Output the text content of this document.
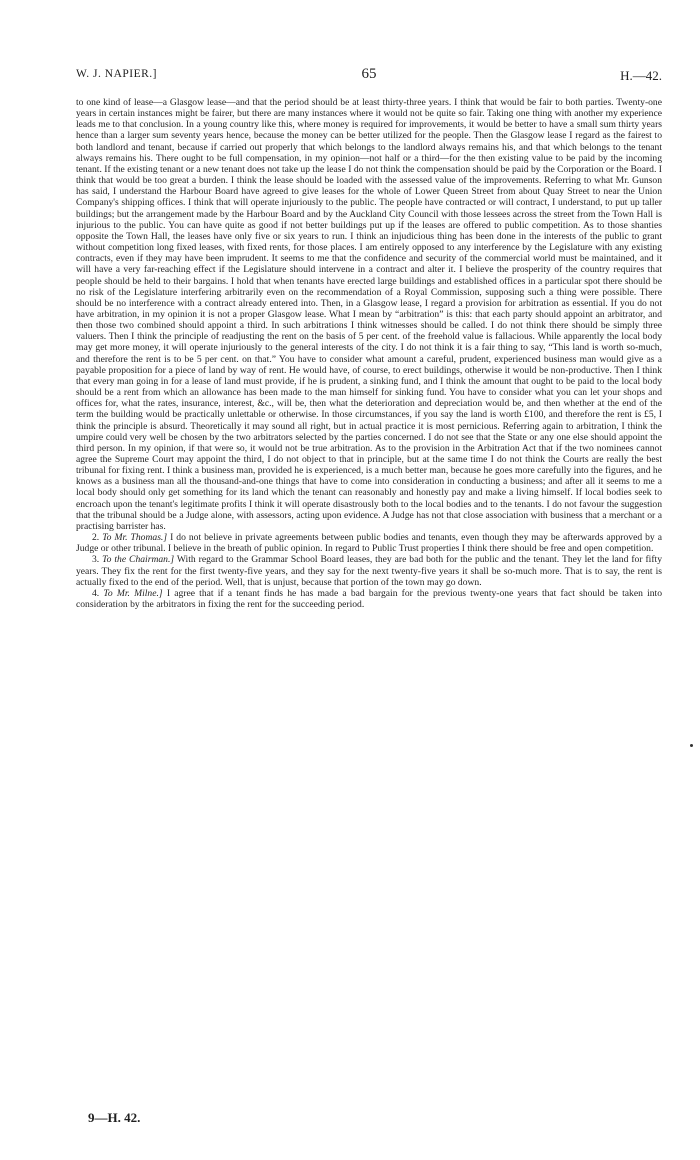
W. J. NAPIER.]	65	H.—42.

to one kind of lease—a Glasgow lease—and that the period should be at least thirty-three years. I think that would be fair to both parties. Twenty-one years in certain instances might be fairer, but there are many instances where it would not be quite so fair. Taking one thing with another my experience leads me to that conclusion. In a young country like this, where money is required for improvements, it would be better to have a small sum thirty years hence than a larger sum seventy years hence, because the money can be better utilized for the people. Then the Glasgow lease I regard as the fairest to both landlord and tenant, because if carried out properly that which belongs to the landlord always remains his, and that which belongs to the tenant always remains his. There ought to be full compensation, in my opinion—not half or a third—for the then existing value to be paid by the incoming tenant. If the existing tenant or a new tenant does not take up the lease I do not think the compensation should be paid by the Corporation or the Board. I think that would be too great a burden. I think the lease should be loaded with the assessed value of the improvements. Referring to what Mr. Gunson has said, I understand the Harbour Board have agreed to give leases for the whole of Lower Queen Street from about Quay Street to near the Union Company's shipping offices. I think that will operate injuriously to the public. The people have contracted or will contract, I understand, to put up taller buildings; but the arrangement made by the Harbour Board and by the Auckland City Council with those lessees across the street from the Town Hall is injurious to the public. You can have quite as good if not better buildings put up if the leases are offered to public competition. As to those shanties opposite the Town Hall, the leases have only five or six years to run. I think an injudicious thing has been done in the interests of the public to grant without competition long fixed leases, with fixed rents, for those places. I am entirely opposed to any interference by the Legislature with any existing contracts, even if they may have been imprudent. It seems to me that the confidence and security of the commercial world must be maintained, and it will have a very far-reaching effect if the Legislature should intervene in a contract and alter it. I believe the prosperity of the country requires that people should be held to their bargains. I hold that when tenants have erected large buildings and established offices in a particular spot there should be no risk of the Legislature interfering arbitrarily even on the recommendation of a Royal Commission, supposing such a thing were possible. There should be no interference with a contract already entered into. Then, in a Glasgow lease, I regard a provision for arbitration as essential. If you do not have arbitration, in my opinion it is not a proper Glasgow lease. What I mean by “arbitration” is this: that each party should appoint an arbitrator, and then those two combined should appoint a third. In such arbitrations I think witnesses should be called. I do not think there should be simply three valuers. Then I think the principle of readjusting the rent on the basis of 5 per cent. of the freehold value is fallacious. While apparently the local body may get more money, it will operate injuriously to the general interests of the city. I do not think it is a fair thing to say, “This land is worth so-much, and therefore the rent is to be 5 per cent. on that.” You have to consider what amount a careful, prudent, experienced business man would give as a payable proposition for a piece of land by way of rent. He would have, of course, to erect buildings, otherwise it would be non-productive. Then I think that every man going in for a lease of land must provide, if he is prudent, a sinking fund, and I think the amount that ought to be paid to the local body should be a rent from which an allowance has been made to the man himself for sinking fund. You have to consider what you can let your shops and offices for, what the rates, insurance, interest, &c., will be, then what the deterioration and depreciation would be, and then whether at the end of the term the building would be practically unlettable or otherwise. In those circumstances, if you say the land is worth £100, and therefore the rent is £5, I think the principle is absurd. Theoretically it may sound all right, but in actual practice it is most pernicious. Referring again to arbitration, I think the umpire could very well be chosen by the two arbitrators selected by the parties concerned. I do not see that the State or any one else should appoint the third person. In my opinion, if that were so, it would not be true arbitration. As to the provision in the Arbitration Act that if the two nominees cannot agree the Supreme Court may appoint the third, I do not object to that in principle, but at the same time I do not think the Courts are really the best tribunal for fixing rent. I think a business man, provided he is experienced, is a much better man, because he goes more carefully into the figures, and he knows as a business man all the thousand-and-one things that have to come into consideration in conducting a business; and after all it seems to me a local body should only get something for its land which the tenant can reasonably and honestly pay and make a living himself. If local bodies seek to encroach upon the tenant's legitimate profits I think it will operate disastrously both to the local bodies and to the tenants. I do not favour the suggestion that the tribunal should be a Judge alone, with assessors, acting upon evidence. A Judge has not that close association with business that a merchant or a practising barrister has.

2. To Mr. Thomas.] I do not believe in private agreements between public bodies and tenants, even though they may be afterwards approved by a Judge or other tribunal. I believe in the breath of public opinion. In regard to Public Trust properties I think there should be free and open competition.

3. To the Chairman.] With regard to the Grammar School Board leases, they are bad both for the public and the tenant. They let the land for fifty years. They fix the rent for the first twenty-five years, and they say for the next twenty-five years it shall be so-much more. That is to say, the rent is actually fixed to the end of the period. Well, that is unjust, because that portion of the town may go down.

4. To Mr. Milne.] I agree that if a tenant finds he has made a bad bargain for the previous twenty-one years that fact should be taken into consideration by the arbitrators in fixing the rent for the succeeding period.

9—H. 42.
